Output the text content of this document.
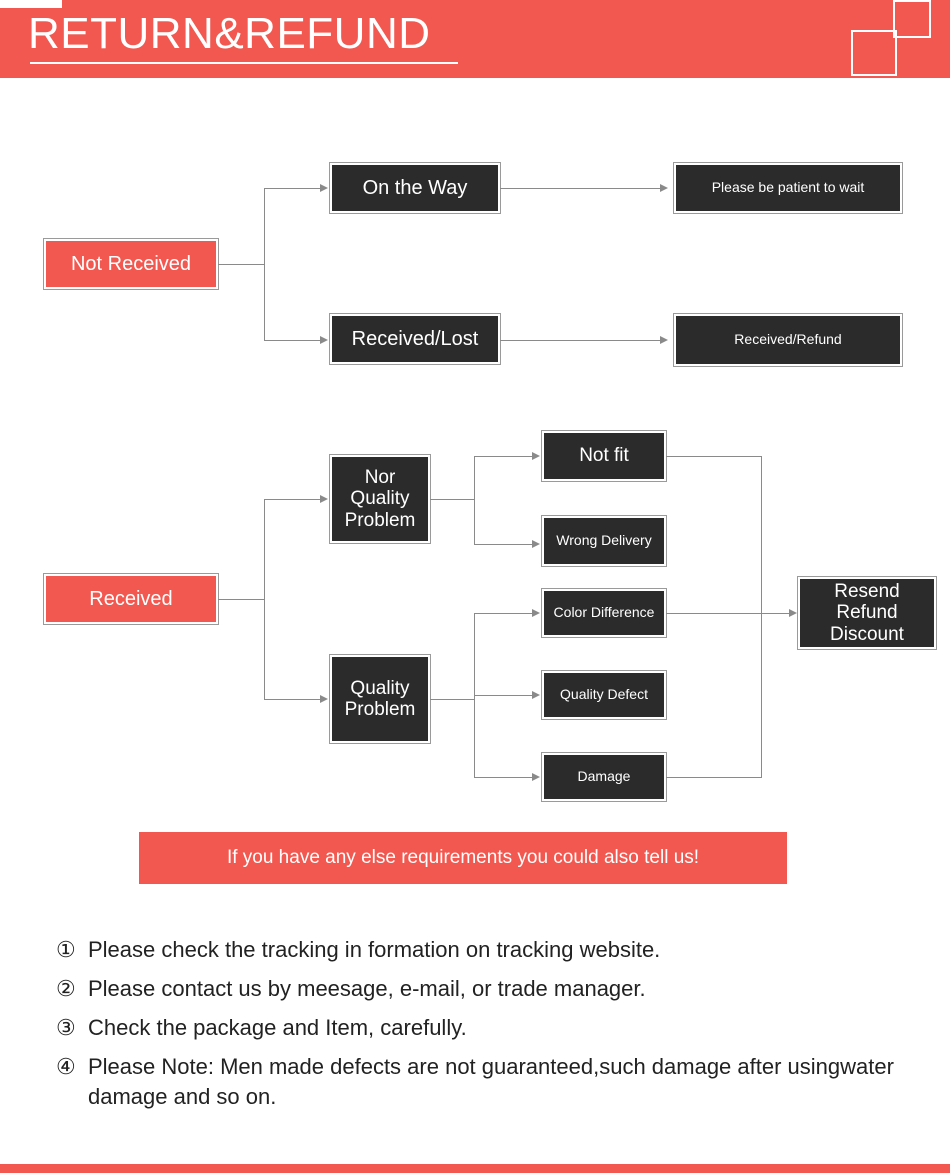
RETURN&REFUND
Not Received
On the Way	Please be patient to wait
Received/Lost	Received/Refund
Received
Nor
Quality
Problem
Not fit
Wrong Delivery
Quality
Problem
Color Difference
Quality Defect
Damage
Resend
Refund
Discount
If you have any else requirements you could also tell us!
① Please check the tracking in formation on tracking website.
② Please contact us by meesage, e-mail, or trade manager.
③ Check the package and Item, carefully.
④ Please Note: Men made defects are not guaranteed,such damage after usingwater damage and so on.
